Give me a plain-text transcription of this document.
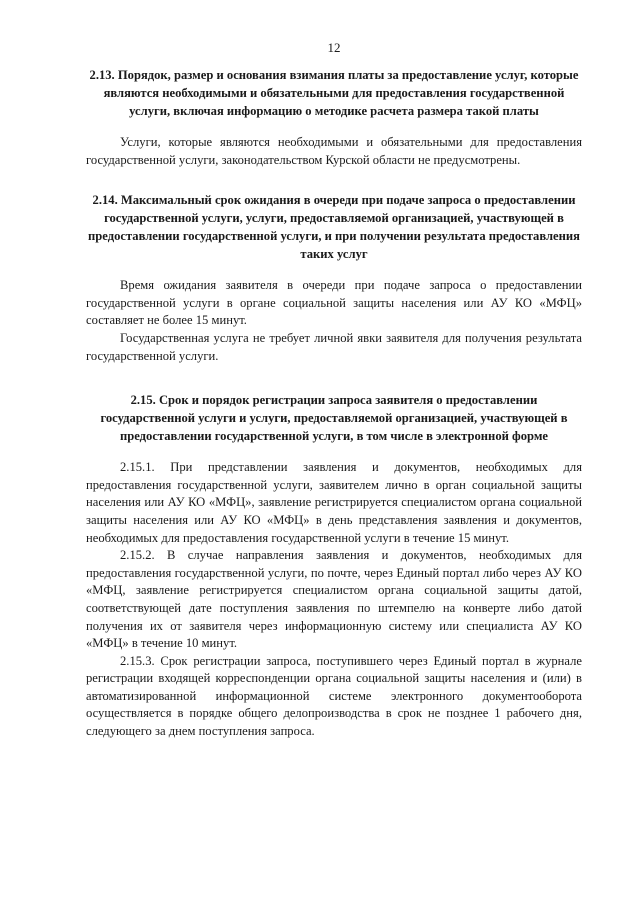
12

2.13. Порядок, размер и основания взимания платы за предоставление услуг, которые являются необходимыми и обязательными для предоставления государственной услуги, включая информацию о методике расчета размера такой платы

Услуги, которые являются необходимыми и обязательными для предоставления государственной услуги, законодательством Курской области не предусмотрены.

2.14. Максимальный срок ожидания в очереди при подаче запроса о предоставлении государственной услуги, услуги, предоставляемой организацией, участвующей в предоставлении государственной услуги, и при получении результата предоставления таких услуг

Время ожидания заявителя в очереди при подаче запроса о предоставлении государственной услуги в органе социальной защиты населения или АУ КО «МФЦ» составляет не более 15 минут.

Государственная услуга не требует личной явки заявителя для получения результата государственной услуги.

2.15. Срок и порядок регистрации запроса заявителя о предоставлении государственной услуги и услуги, предоставляемой организацией, участвующей в предоставлении государственной услуги, в том числе в электронной форме

2.15.1. При представлении заявления и документов, необходимых для предоставления государственной услуги, заявителем лично в орган социальной защиты населения или АУ КО «МФЦ», заявление регистрируется специалистом органа социальной защиты населения или АУ КО «МФЦ» в день представления заявления и документов, необходимых для предоставления государственной услуги в течение 15 минут.

2.15.2. В случае направления заявления и документов, необходимых для предоставления государственной услуги, по почте, через Единый портал либо через АУ КО «МФЦ, заявление регистрируется специалистом органа социальной защиты датой, соответствующей дате поступления заявления по штемпелю на конверте либо датой получения их от заявителя через информационную систему или специалиста АУ КО «МФЦ» в течение 10 минут.

2.15.3. Срок регистрации запроса, поступившего через Единый портал в журнале регистрации входящей корреспонденции органа социальной защиты населения и (или) в автоматизированной информационной системе электронного документооборота осуществляется в порядке общего делопроизводства в срок не позднее 1 рабочего дня, следующего за днем поступления запроса.
